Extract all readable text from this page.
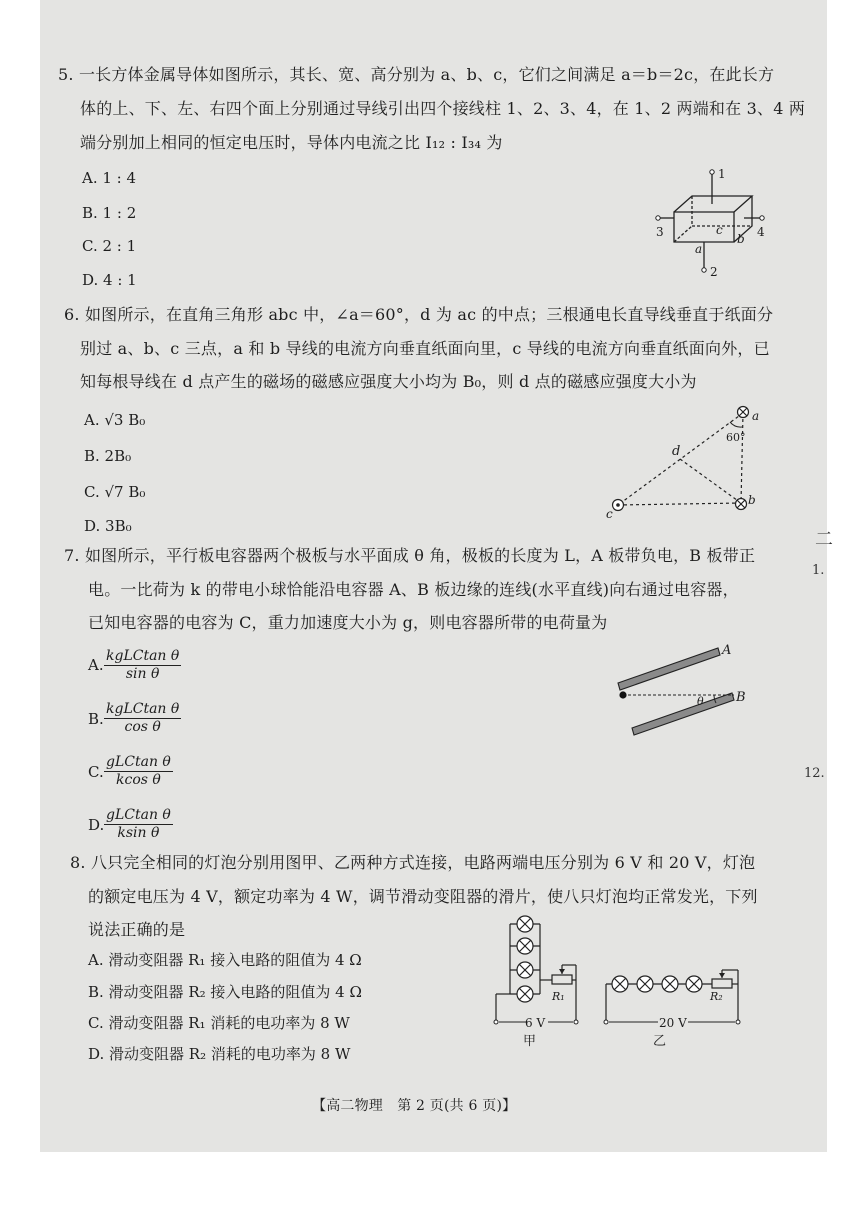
5. 一长方体金属导体如图所示，其长、宽、高分别为 a、b、c，它们之间满足 a＝b＝2c，在此长方
体的上、下、左、右四个面上分别通过导线引出四个接线柱 1、2、3、4，在 1、2 两端和在 3、4 两
端分别加上相同的恒定电压时，导体内电流之比 I₁₂ : I₃₄ 为
A. 1 : 4
B. 1 : 2
C. 2 : 1
D. 4 : 1
1
2
3	4
a
b
c
6. 如图所示，在直角三角形 abc 中，∠a＝60°，d 为 ac 的中点；三根通电长直导线垂直于纸面分
别过 a、b、c 三点，a 和 b 导线的电流方向垂直纸面向里，c 导线的电流方向垂直纸面向外，已
知每根导线在 d 点产生的磁场的磁感应强度大小均为 B₀，则 d 点的磁感应强度大小为
A. √3 B₀
B. 2B₀
C. √7 B₀
D. 3B₀
a
b
c
d
60°
7. 如图所示，平行板电容器两个极板与水平面成 θ 角，极板的长度为 L，A 板带负电，B 板带正
电。一比荷为 k 的带电小球恰能沿电容器 A、B 板边缘的连线(水平直线)向右通过电容器，
已知电容器的电容为 C，重力加速度大小为 g，则电容器所带的电荷量为
A. kgLCtan θ
sin θ
B.
kgLCtan θ
cos θ
C.
gLCtan θ
kcos θ
D.
gLCtan θ
ksin θ
A
B
θ
8. 八只完全相同的灯泡分别用图甲、乙两种方式连接，电路两端电压分别为 6 V 和 20 V，灯泡
的额定电压为 4 V，额定功率为 4 W，调节滑动变阻器的滑片，使八只灯泡均正常发光，下列
说法正确的是
A. 滑动变阻器 R₁ 接入电路的阻值为 4 Ω
B. 滑动变阻器 R₂ 接入电路的阻值为 4 Ω
C. 滑动变阻器 R₁ 消耗的电功率为 8 W
D. 滑动变阻器 R₂ 消耗的电功率为 8 W
R₁
6 V
甲
R₂
20 V
乙
【高二物理　第 2 页(共 6 页)】
二
1.
12.
